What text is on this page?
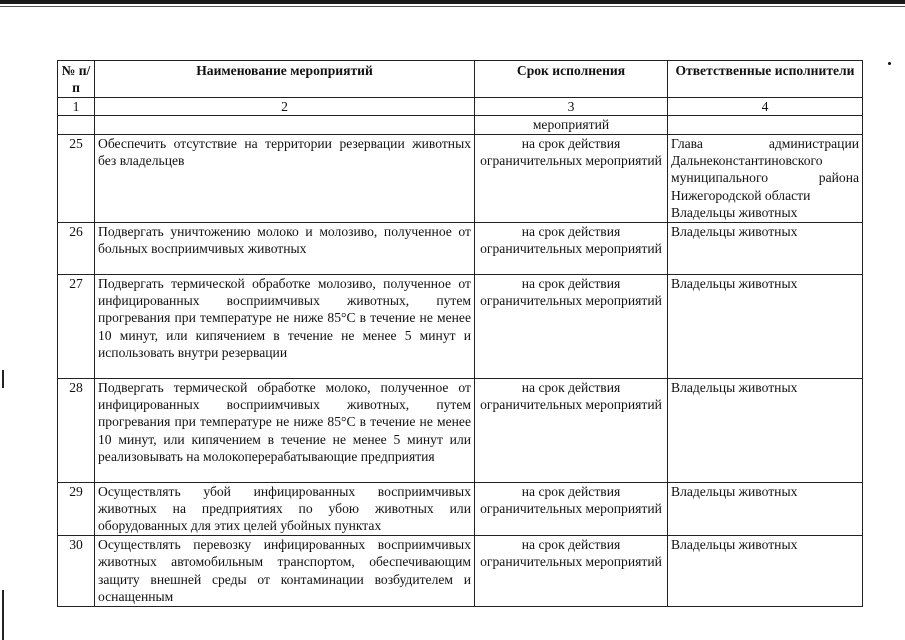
№ п/п	Наименование мероприятий	Срок исполнения	Ответственные исполнители
1	2	3	4
		мероприятий	
25	Обеспечить отсутствие на территории резервации животных без владельцев	на срок действия ограничительных мероприятий	Глава администрации
Дальнеконстантиновского
муниципального района
Нижегородской области
Владельцы животных

26	Подвергать уничтожению молоко и молозиво, полученное от больных восприимчивых животных	на срок действия ограничительных мероприятий	Владельцы животных

27	Подвергать термической обработке молозиво, полученное от инфицированных восприимчивых животных, путем прогревания при температуре не ниже 85°С в течение не менее 10 минут, или кипячением в течение не менее 5 минут и использовать внутри резервации	на срок действия ограничительных мероприятий	Владельцы животных

28	Подвергать термической обработке молоко, полученное от инфицированных восприимчивых животных, путем прогревания при температуре не ниже 85°С в течение не менее 10 минут, или кипячением в течение не менее 5 минут или реализовывать на молокоперерабатывающие предприятия	на срок действия ограничительных мероприятий	Владельцы животных

29	Осуществлять убой инфицированных восприимчивых животных на предприятиях по убою животных или оборудованных для этих целей убойных пунктах	на срок действия ограничительных мероприятий	Владельцы животных

30	Осуществлять перевозку инфицированных восприимчивых животных автомобильным транспортом, обеспечивающим защиту внешней среды от контаминации возбудителем и оснащенным	на срок действия ограничительных мероприятий	Владельцы животных
